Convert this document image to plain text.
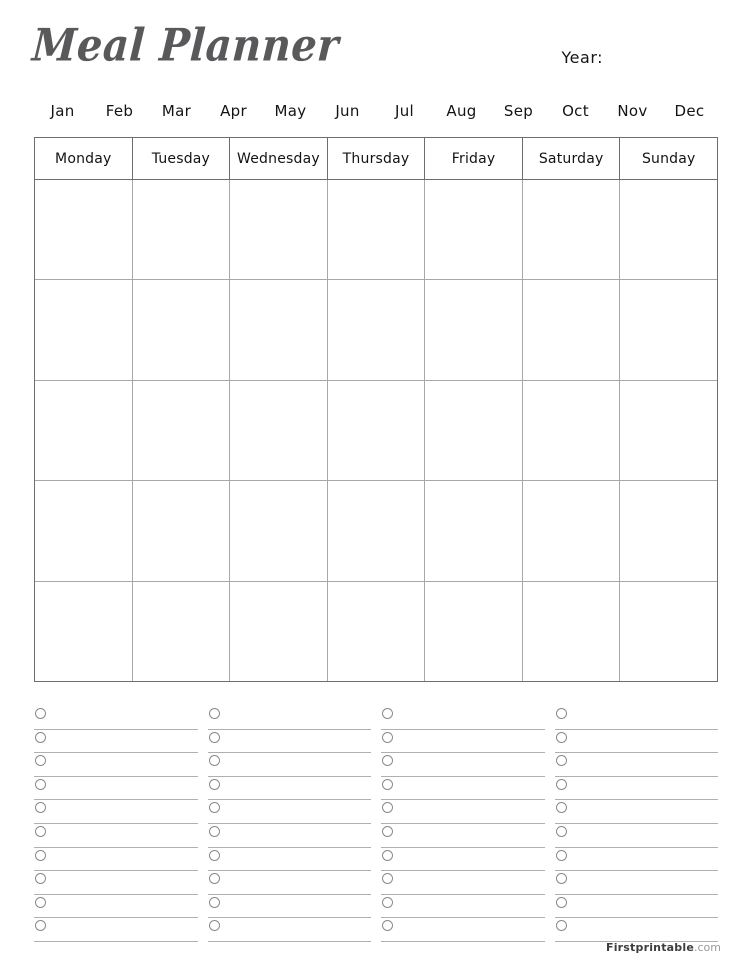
Meal Planner	Year:
Jan	Feb	Mar	Apr	May	Jun	Jul	Aug	Sep	Oct	Nov	Dec
Monday	Tuesday	Wednesday	Thursday	Friday	Saturday	Sunday
Firstprintable.com
